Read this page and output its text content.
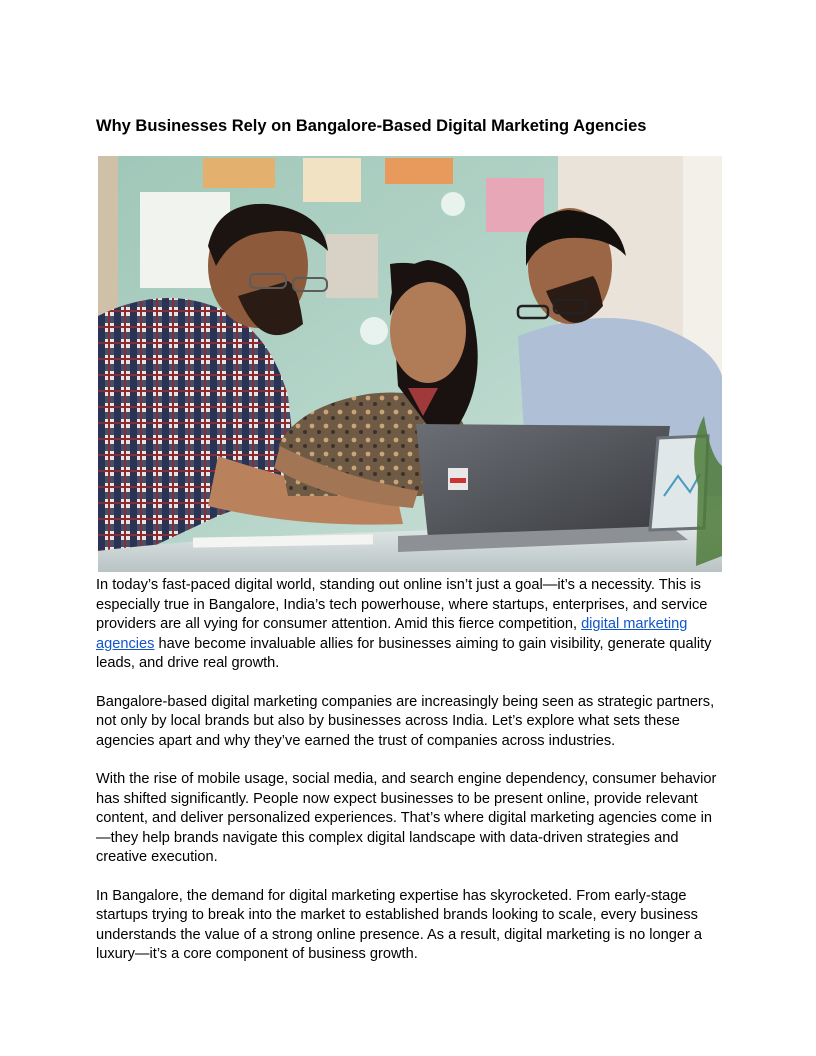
Why Businesses Rely on Bangalore-Based Digital Marketing Agencies

In today’s fast-paced digital world, standing out online isn’t just a goal—it’s a necessity. This is especially true in Bangalore, India’s tech powerhouse, where startups, enterprises, and service providers are all vying for consumer attention. Amid this fierce competition, digital marketing agencies have become invaluable allies for businesses aiming to gain visibility, generate quality leads, and drive real growth.

Bangalore-based digital marketing companies are increasingly being seen as strategic partners, not only by local brands but also by businesses across India. Let’s explore what sets these agencies apart and why they’ve earned the trust of companies across industries.

With the rise of mobile usage, social media, and search engine dependency, consumer behavior has shifted significantly. People now expect businesses to be present online, provide relevant content, and deliver personalized experiences. That’s where digital marketing agencies come in—they help brands navigate this complex digital landscape with data-driven strategies and creative execution.

In Bangalore, the demand for digital marketing expertise has skyrocketed. From early-stage startups trying to break into the market to established brands looking to scale, every business understands the value of a strong online presence. As a result, digital marketing is no longer a luxury—it’s a core component of business growth.
